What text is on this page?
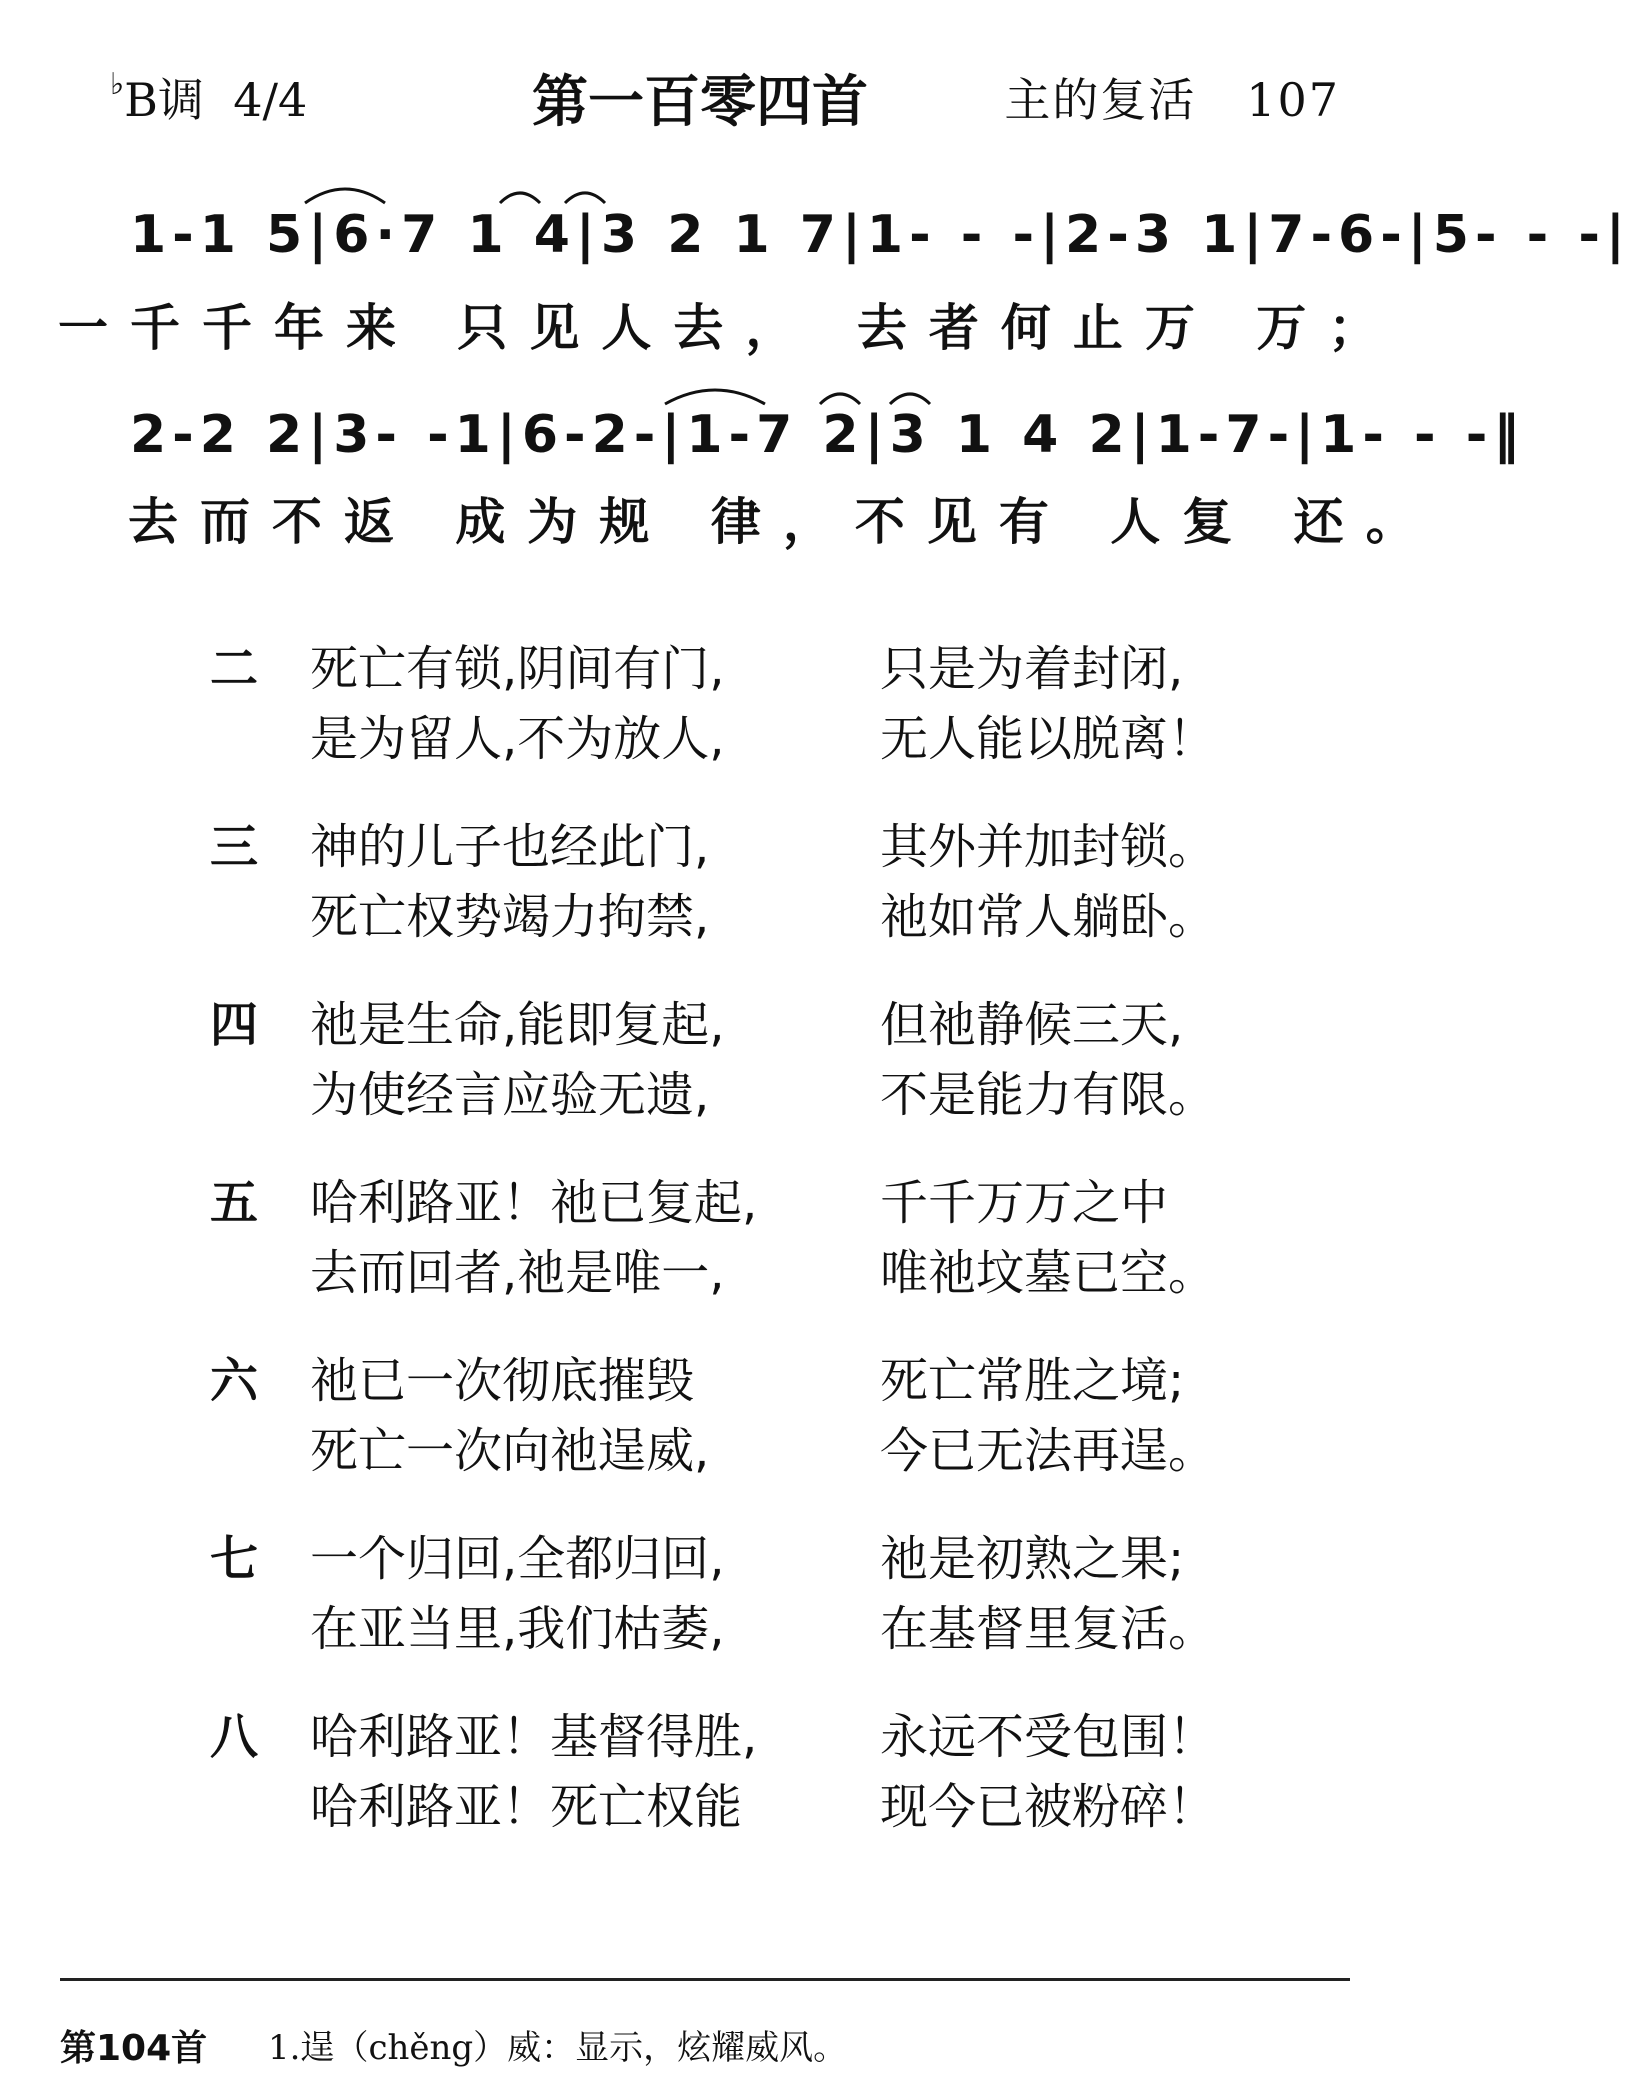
♭B调 4/4	第一百零四首	主的复活 107
1-1 5|6·7 1 4|3 2 1 7|1- - -|2-3 1|7-6-|5- - -|
一千千年来 只见人去， 去者何止万 万；
2-2 2|3- -1|6-2-|1-7 2|3 1 4 2|1-7-|1- - -‖
去而不返 成为规 律，不见有 人复 还。
二 死亡有锁,阴间有门,	只是为着封闭,
是为留人,不为放人,	无人能以脱离！
三 神的儿子也经此门,	其外并加封锁。
死亡权势竭力拘禁,	祂如常人躺卧。
四 祂是生命,能即复起,	但祂静候三天,
为使经言应验无遗,	不是能力有限。
五 哈利路亚！祂已复起,	千千万万之中
去而回者,祂是唯一,	唯祂坟墓已空。
六 祂已一次彻底摧毁	死亡常胜之境;
死亡一次向祂逞威,	今已无法再逞。
七 一个归回,全都归回,	祂是初熟之果;
在亚当里,我们枯萎,	在基督里复活。
八 哈利路亚！基督得胜,	永远不受包围！
哈利路亚！死亡权能	现今已被粉碎！
第104首 1.逞（chěng）威：显示，炫耀威风。
